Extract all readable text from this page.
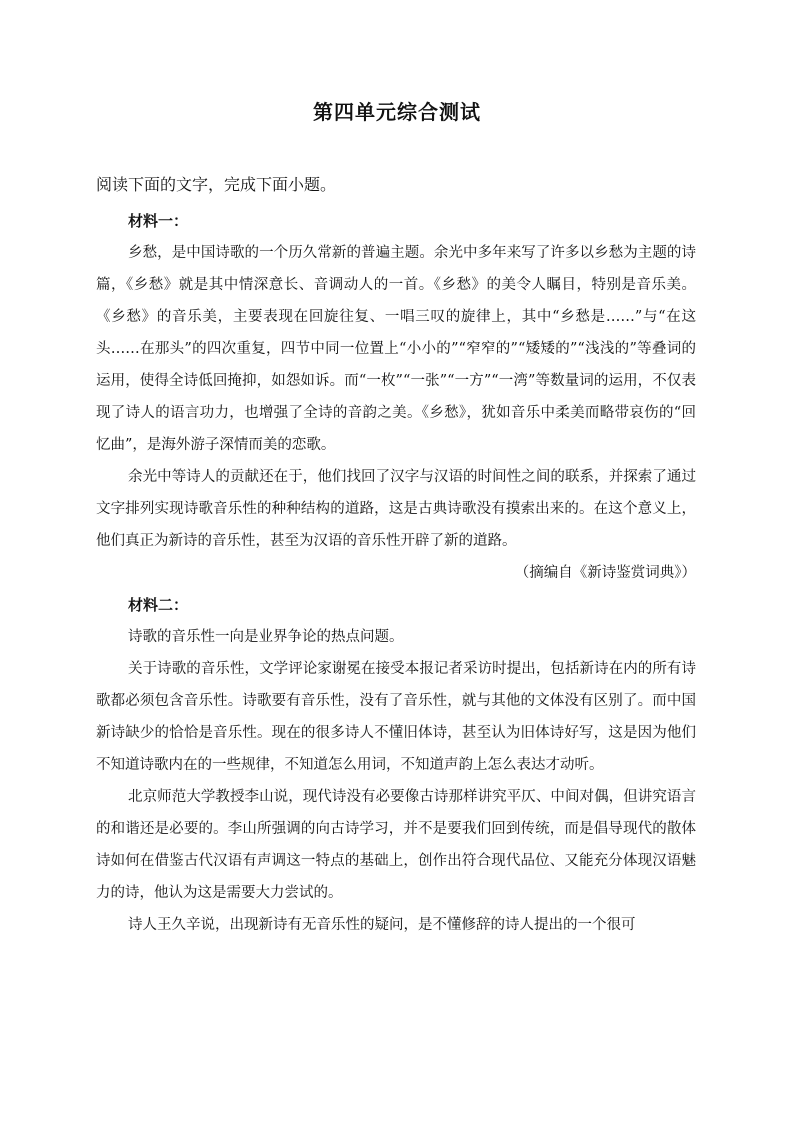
第四单元综合测试
阅读下面的文字，完成下面小题。

材料一：

乡愁，是中国诗歌的一个历久常新的普遍主题。余光中多年来写了许多以乡愁为主题的诗篇，《乡愁》就是其中情深意长、音调动人的一首。《乡愁》的美令人瞩目，特别是音乐美。《乡愁》的音乐美，主要表现在回旋往复、一唱三叹的旋律上，其中“乡愁是……”与“在这头……在那头”的四次重复，四节中同一位置上“小小的”“窄窄的”“矮矮的”“浅浅的”等叠词的运用，使得全诗低回掩抑，如怨如诉。而“一枚”“一张”“一方”“一湾”等数量词的运用，不仅表现了诗人的语言功力，也增强了全诗的音韵之美。《乡愁》，犹如音乐中柔美而略带哀伤的“回忆曲”，是海外游子深情而美的恋歌。

余光中等诗人的贡献还在于，他们找回了汉字与汉语的时间性之间的联系，并探索了通过文字排列实现诗歌音乐性的种种结构的道路，这是古典诗歌没有摸索出来的。在这个意义上，他们真正为新诗的音乐性，甚至为汉语的音乐性开辟了新的道路。

（摘编自《新诗鉴赏词典》）

材料二：

诗歌的音乐性一向是业界争论的热点问题。

关于诗歌的音乐性，文学评论家谢冕在接受本报记者采访时提出，包括新诗在内的所有诗歌都必须包含音乐性。诗歌要有音乐性，没有了音乐性，就与其他的文体没有区别了。而中国新诗缺少的恰恰是音乐性。现在的很多诗人不懂旧体诗，甚至认为旧体诗好写，这是因为他们不知道诗歌内在的一些规律，不知道怎么用词，不知道声韵上怎么表达才动听。

北京师范大学教授李山说，现代诗没有必要像古诗那样讲究平仄、中间对偶，但讲究语言的和谐还是必要的。李山所强调的向古诗学习，并不是要我们回到传统，而是倡导现代的散体诗如何在借鉴古代汉语有声调这一特点的基础上，创作出符合现代品位、又能充分体现汉语魅力的诗，他认为这是需要大力尝试的。

诗人王久辛说，出现新诗有无音乐性的疑问，是不懂修辞的诗人提出的一个很可
